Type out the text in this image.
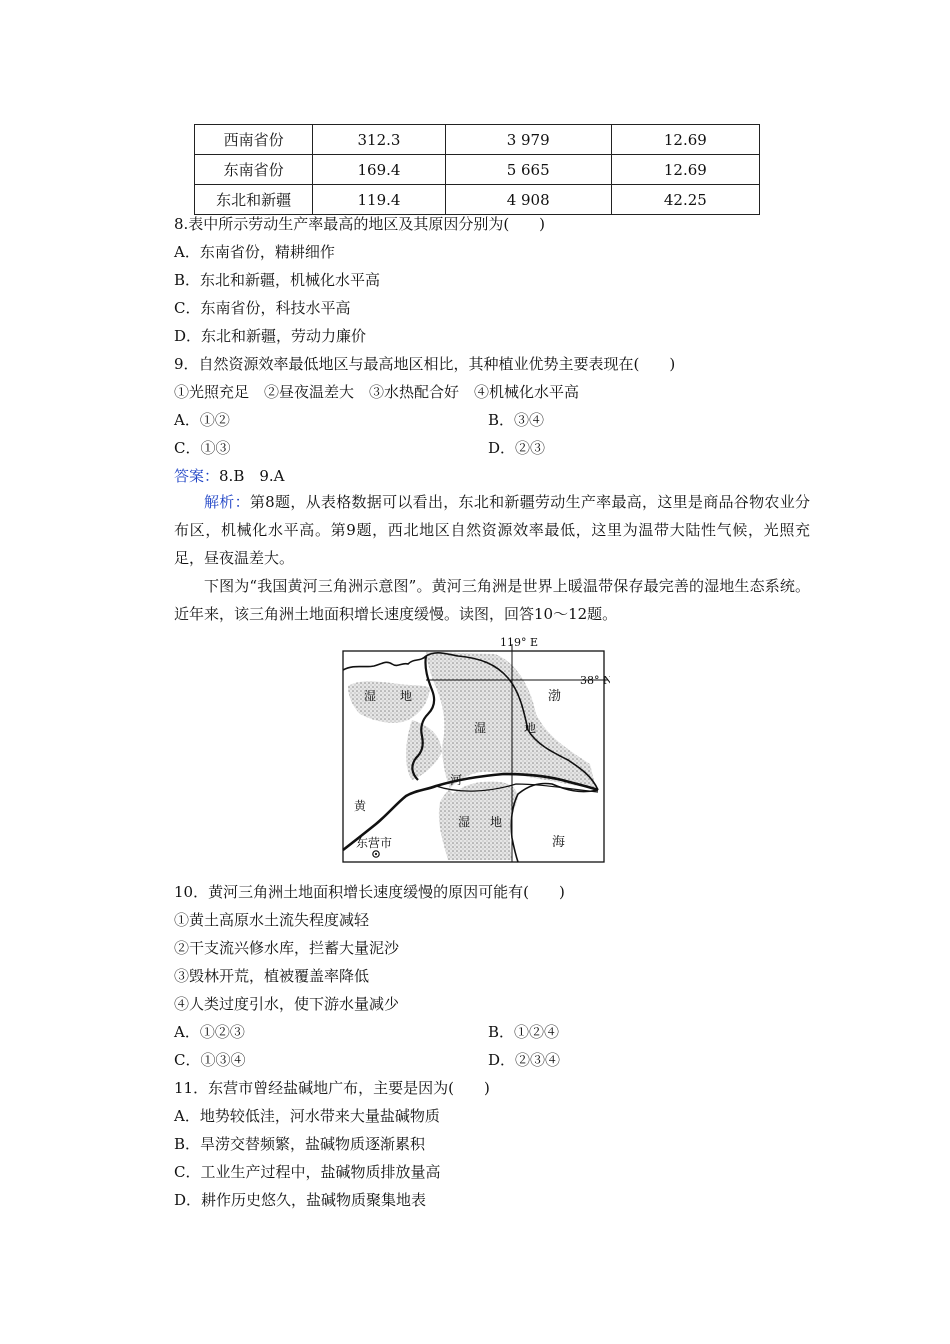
西南省份	312.3	3 979	12.69
东南省份	169.4	5 665	12.69
东北和新疆	119.4	4 908	42.25
8.表中所示劳动生产率最高的地区及其原因分别为(　　)
A．东南省份，精耕细作
B．东北和新疆，机械化水平高
C．东南省份，科技水平高
D．东北和新疆，劳动力廉价
9．自然资源效率最低地区与最高地区相比，其种植业优势主要表现在(　　)
①光照充足　②昼夜温差大　③水热配合好　④机械化水平高
A．①②	B．③④
C．①③	D．②③
答案：8.B　9.A
解析：第8题，从表格数据可以看出，东北和新疆劳动生产率最高，这里是商品谷物农业分布区，机械化水平高。第9题，西北地区自然资源效率最低，这里为温带大陆性气候，光照充足，昼夜温差大。
下图为“我国黄河三角洲示意图”。黄河三角洲是世界上暖温带保存最完善的湿地生态系统。近年来，该三角洲土地面积增长速度缓慢。读图，回答10～12题。
119° E
38° N
湿 地
湿	地
湿 地
渤
海
河
黄
东营市
10．黄河三角洲土地面积增长速度缓慢的原因可能有(　　)
①黄土高原水土流失程度减轻
②干支流兴修水库，拦蓄大量泥沙
③毁林开荒，植被覆盖率降低
④人类过度引水，使下游水量减少
A．①②③	B．①②④
C．①③④	D．②③④
11．东营市曾经盐碱地广布，主要是因为(　　)
A．地势较低洼，河水带来大量盐碱物质
B．旱涝交替频繁，盐碱物质逐渐累积
C．工业生产过程中，盐碱物质排放量高
D．耕作历史悠久，盐碱物质聚集地表
